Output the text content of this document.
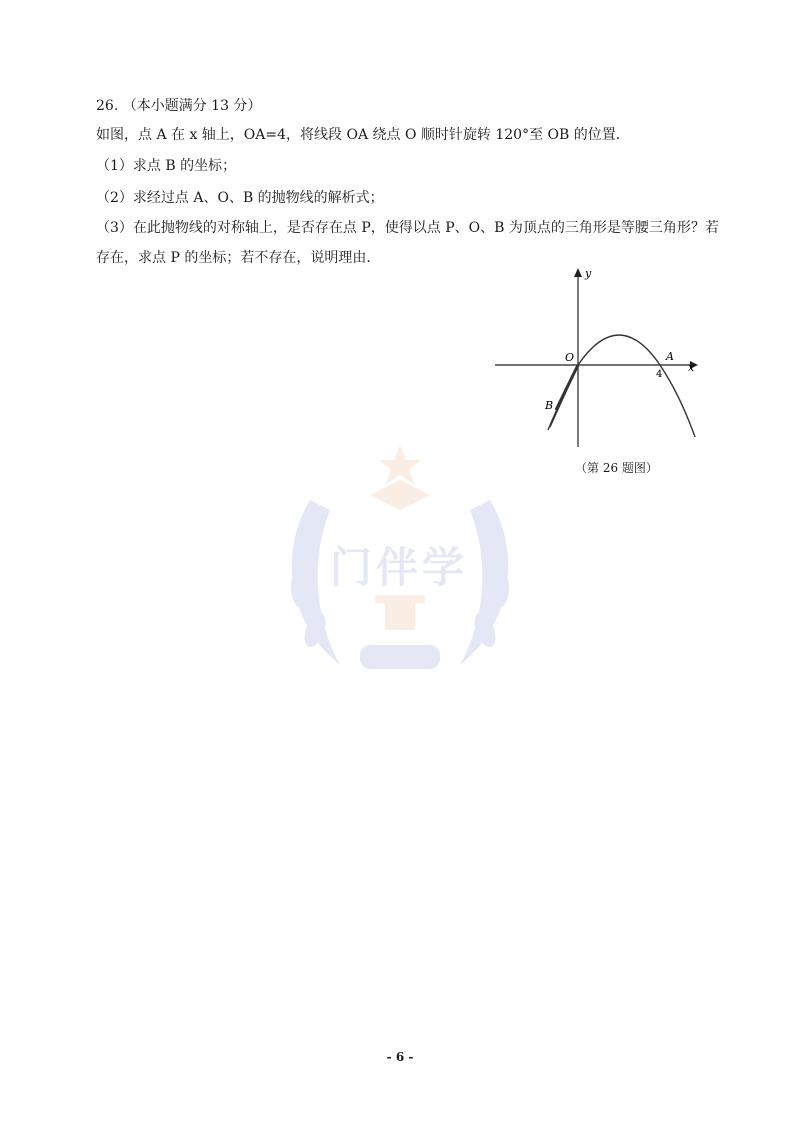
门伴学
26. （本小题满分 13 分）
如图，点 A 在 x 轴上，OA=4，将线段 OA 绕点 O 顺时针旋转 120°至 OB 的位置．
（1）求点 B 的坐标；
（2）求经过点 A、O、B 的抛物线的解析式；
（3）在此抛物线的对称轴上，是否存在点 P，使得以点 P、O、B 为顶点的三角形是等腰三角形？若
存在，求点 P 的坐标；若不存在，说明理由．
y
x
O	A
B
4
（第 26 题图）
- 6 -
